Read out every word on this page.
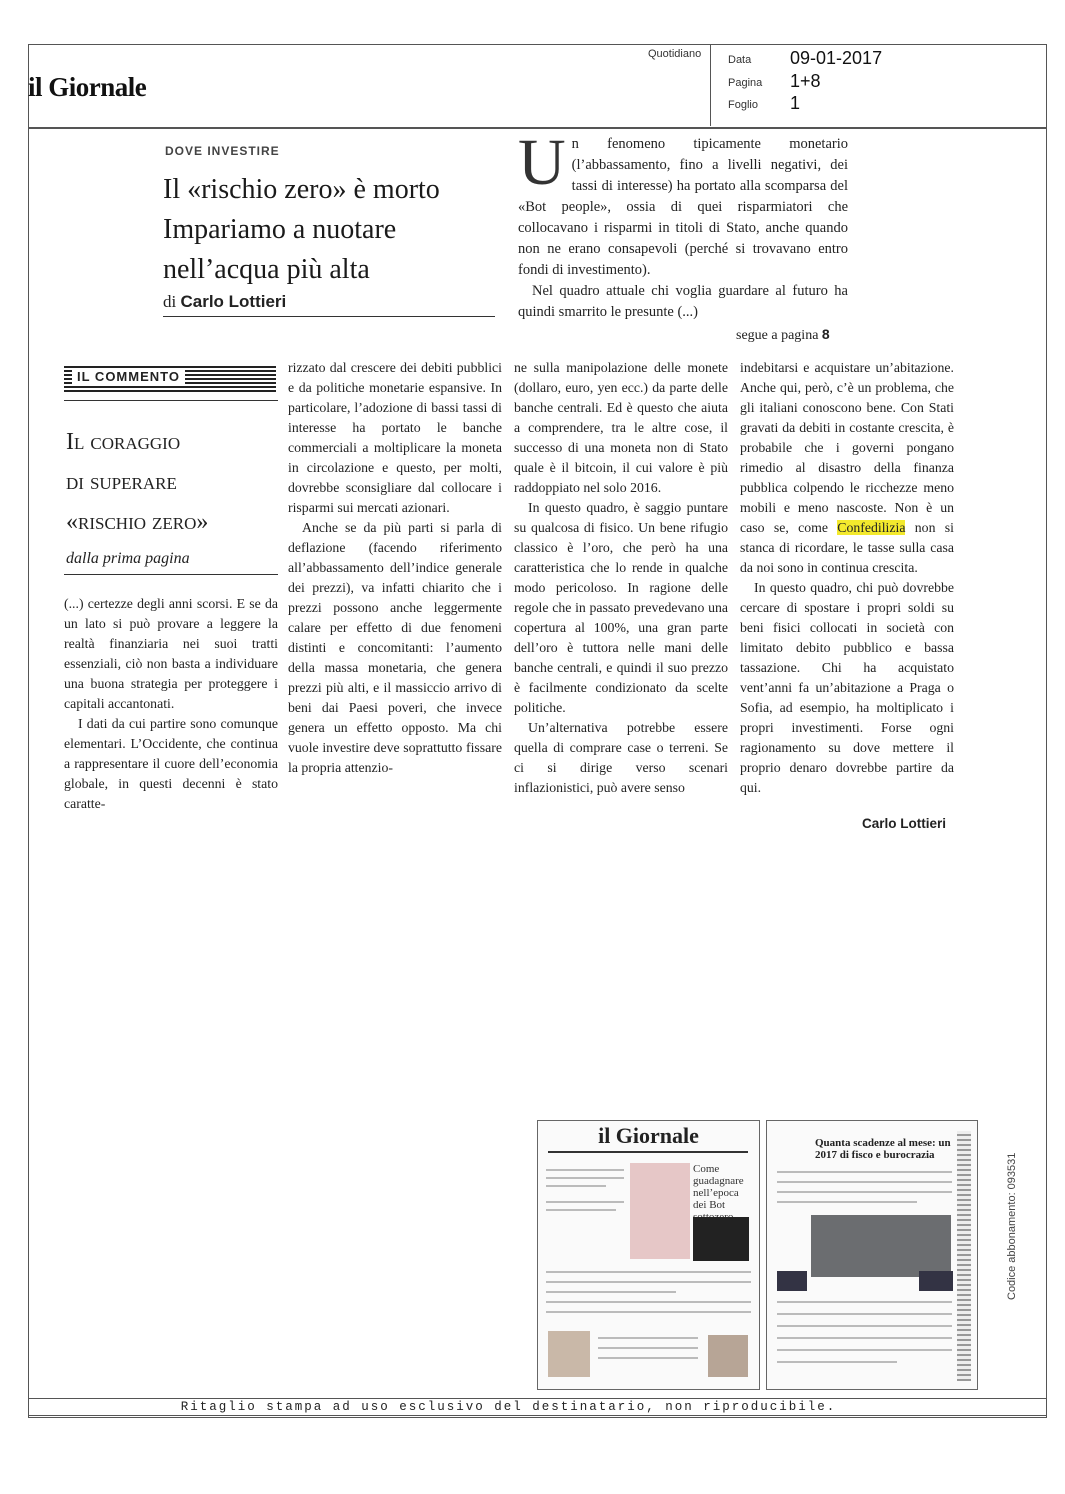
il Giornale
Quotidiano Data 09-01-2017
Pagina 1+8
Foglio 1
DOVE INVESTIRE
Il «rischio zero» è morto
Impariamo a nuotare
nell’acqua più alta
di Carlo Lottieri
U n fenomeno tipicamente monetario (l’abbassamento, fino a livelli negativi, dei tassi di interesse) ha portato alla scomparsa del «Bot people», ossia di quei risparmiatori che collocavano i risparmi in titoli di Stato, anche quando non ne erano consapevoli (perché si trovavano entro fondi di investimento).
Nel quadro attuale chi voglia guardare al futuro ha quindi smarrito le presunte (...)
segue a pagina 8
IL COMMENTO
Il coraggio
di superare
«rischio zero»
dalla prima pagina

(...) certezze degli anni scorsi. E se da un lato si può provare a leggere la realtà finanziaria nei suoi tratti essenziali, ciò non basta a individuare una buona strategia per proteggere i capitali accantonati.

I dati da cui partire sono comunque elementari. L’Occidente, che continua a rappresentare il cuore dell’economia globale, in questi decenni è stato caratte-

rizzato dal crescere dei debiti pubblici e da politiche monetarie espansive. In particolare, l’adozione di bassi tassi di interesse ha portato le banche commerciali a moltiplicare la moneta in circolazione e questo, per molti, dovrebbe sconsigliare dal collocare i risparmi sui mercati azionari.

Anche se da più parti si parla di deflazione (facendo riferimento all’abbassamento dell’indice generale dei prezzi), va infatti chiarito che i prezzi possono anche leggermente calare per effetto di due fenomeni distinti e concomitanti: l’aumento della massa monetaria, che genera prezzi più alti, e il massiccio arrivo di beni dai Paesi poveri, che invece genera un effetto opposto. Ma chi vuole investire deve soprattutto fissare la propria attenzio-

ne sulla manipolazione delle monete (dollaro, euro, yen ecc.) da parte delle banche centrali. Ed è questo che aiuta a comprendere, tra le altre cose, il successo di una moneta non di Stato quale è il bitcoin, il cui valore è più raddoppiato nel solo 2016.

In questo quadro, è saggio puntare su qualcosa di fisico. Un bene rifugio classico è l’oro, che però ha una caratteristica che lo rende in qualche modo pericoloso. In ragione delle regole che in passato prevedevano una copertura al 100%, una gran parte dell’oro è tuttora nelle mani delle banche centrali, e quindi il suo prezzo è facilmente condizionato da scelte politiche.

Un’alternativa potrebbe essere quella di comprare case o terreni. Se ci si dirige verso scenari inflazionistici, può avere senso

indebitarsi e acquistare un’abitazione. Anche qui, però, c’è un problema, che gli italiani conoscono bene. Con Stati gravati da debiti in costante crescita, è probabile che i governi pongano rimedio al disastro della finanza pubblica colpendo le ricchezze meno mobili e meno nascoste. Non è un caso se, come Confedilizia non si stanca di ricordare, le tasse sulla casa da noi sono in continua crescita.

In questo quadro, chi può dovrebbe cercare di spostare i propri soldi su beni fisici collocati in società con limitato debito pubblico e bassa tassazione. Chi ha acquistato vent’anni fa un’abitazione a Praga o Sofia, ad esempio, ha moltiplicato i propri investimenti. Forse ogni ragionamento su dove mettere il proprio denaro dovrebbe partire da qui.

Carlo Lottieri
il Giornale
Come guadagnare nell’epoca dei Bot
Quanta scadenze al mese: un 2017 di fisco e burocrazia	Codice abbonamento: 093531
Ritaglio stampa ad uso esclusivo del destinatario, non riproducibile.
